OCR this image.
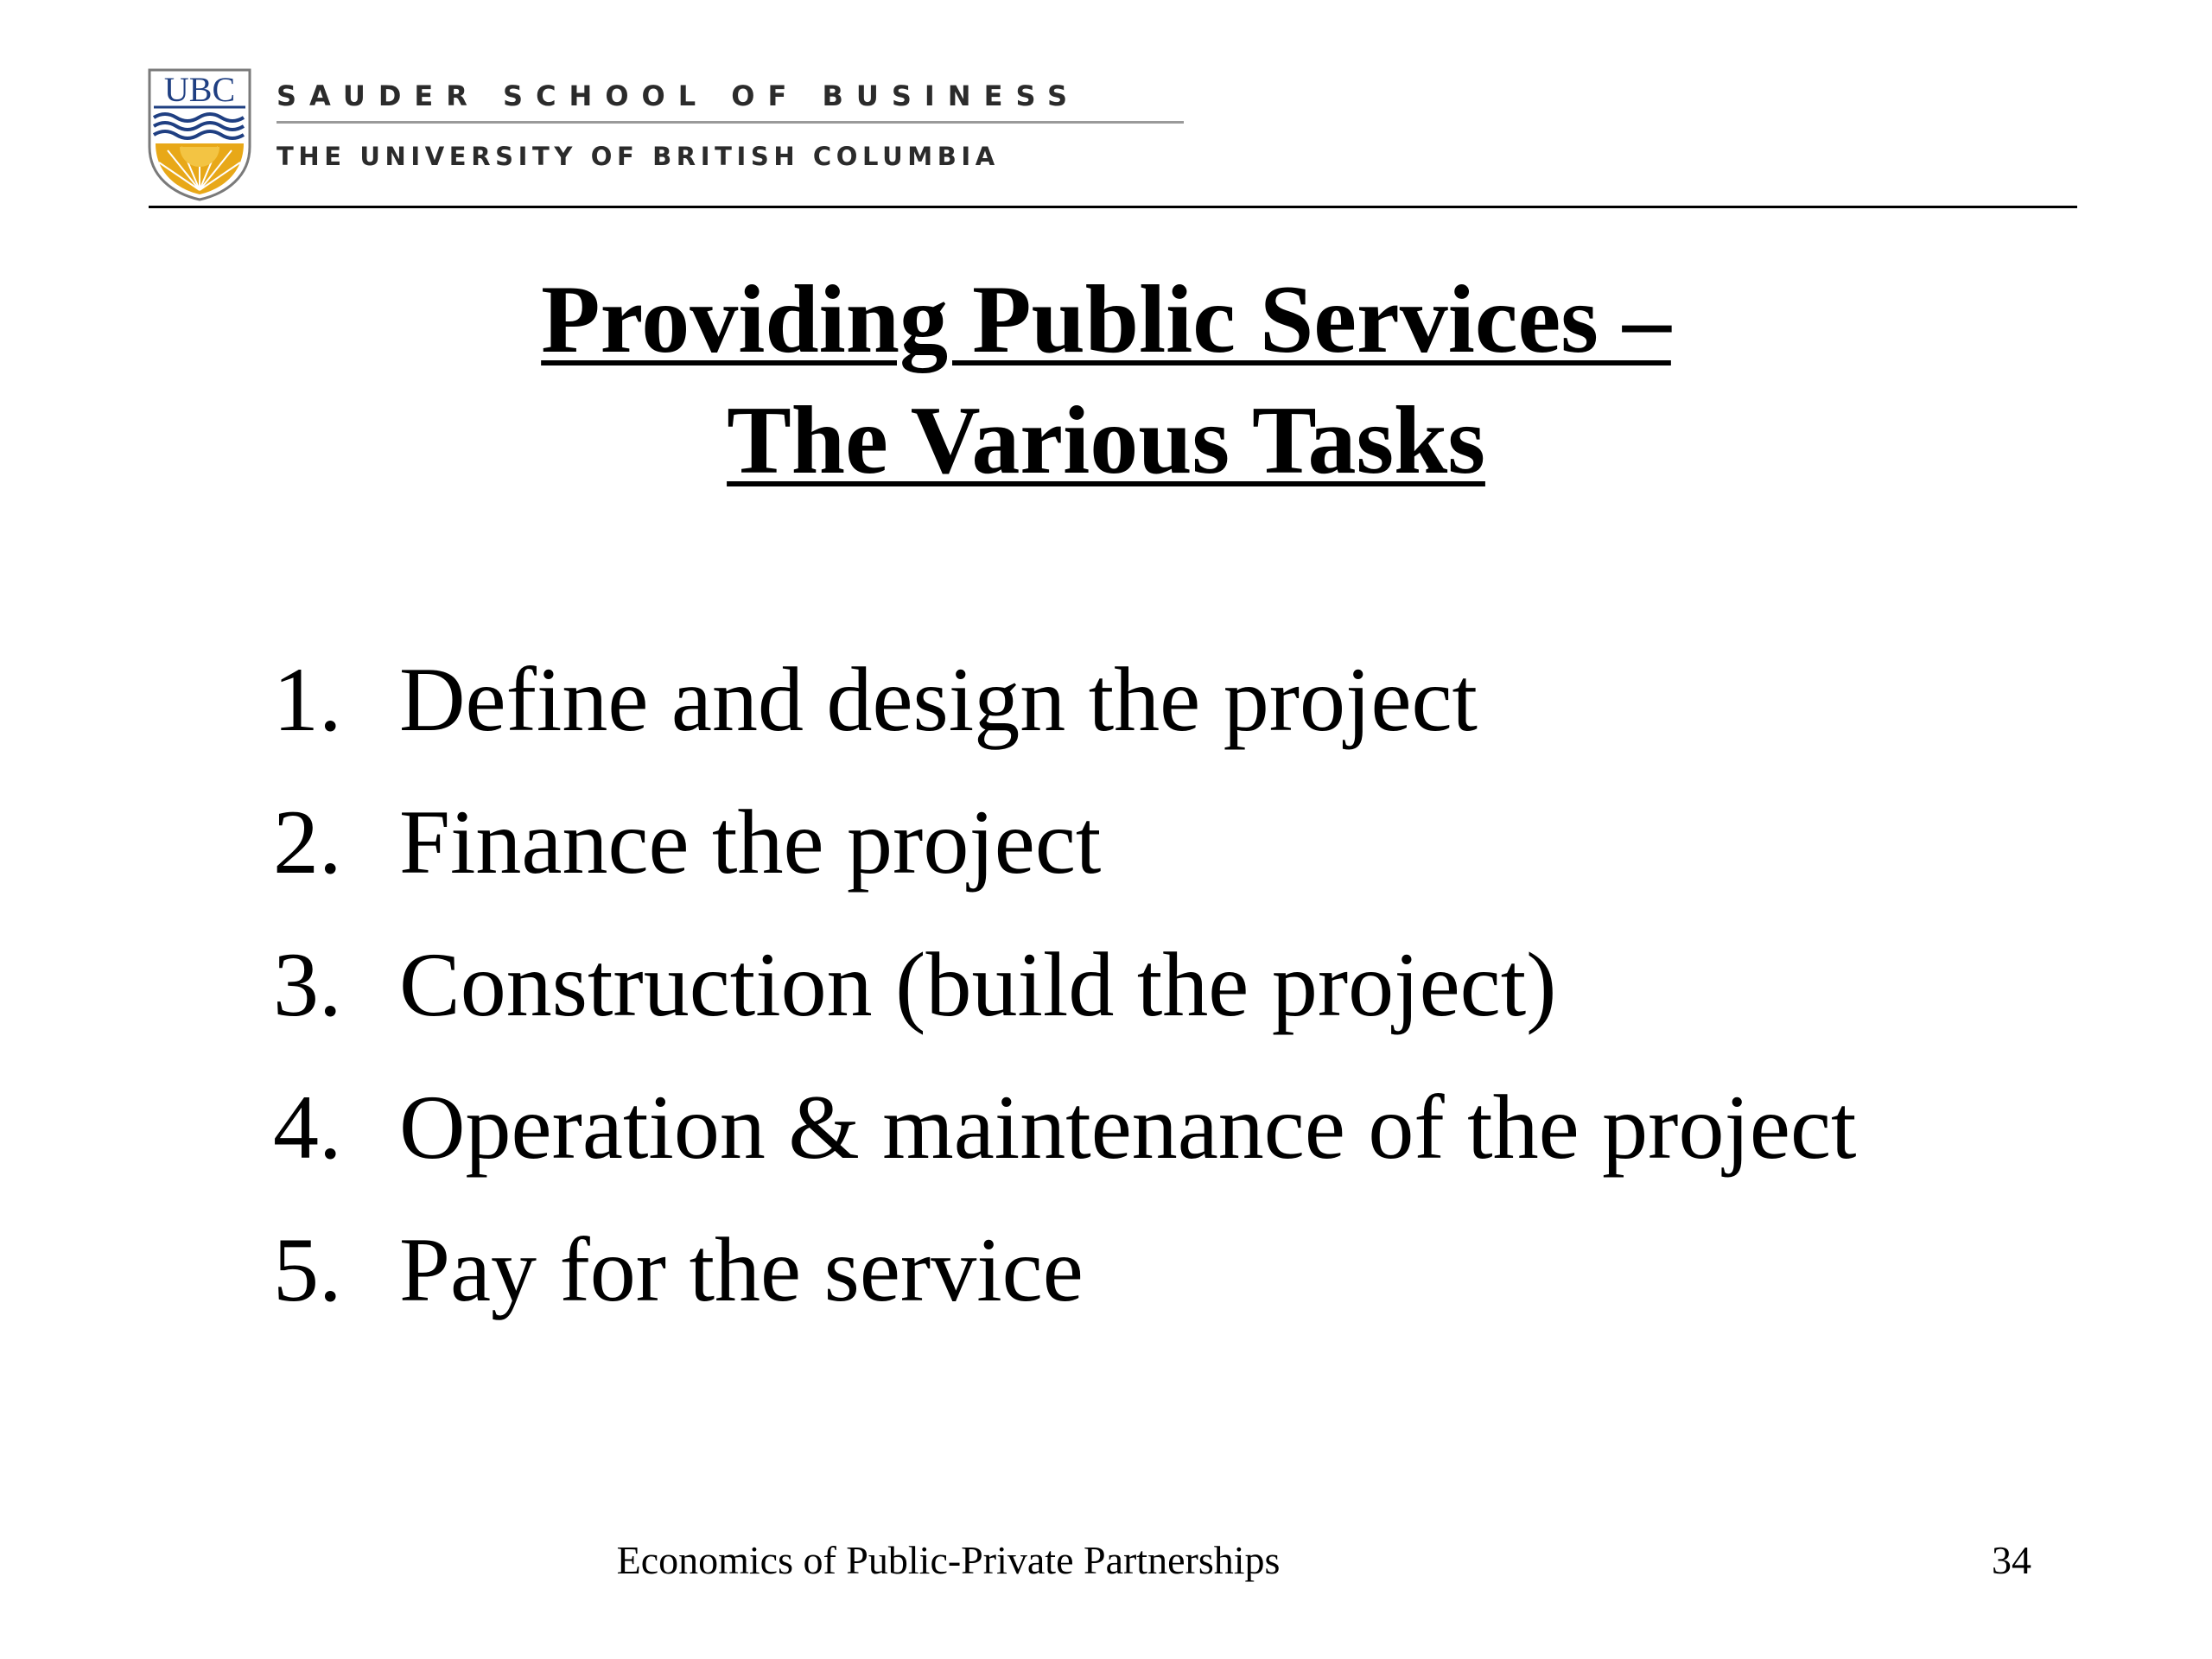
UBC SAUDER SCHOOL OF BUSINESS
THE UNIVERSITY OF BRITISH COLUMBIA
Providing Public Services –
The Various Tasks
1. Define and design the project
2. Finance the project
3. Construction (build the project)
4. Operation & maintenance of the project
5. Pay for the service
Economics of Public-Private Partnerships	34
